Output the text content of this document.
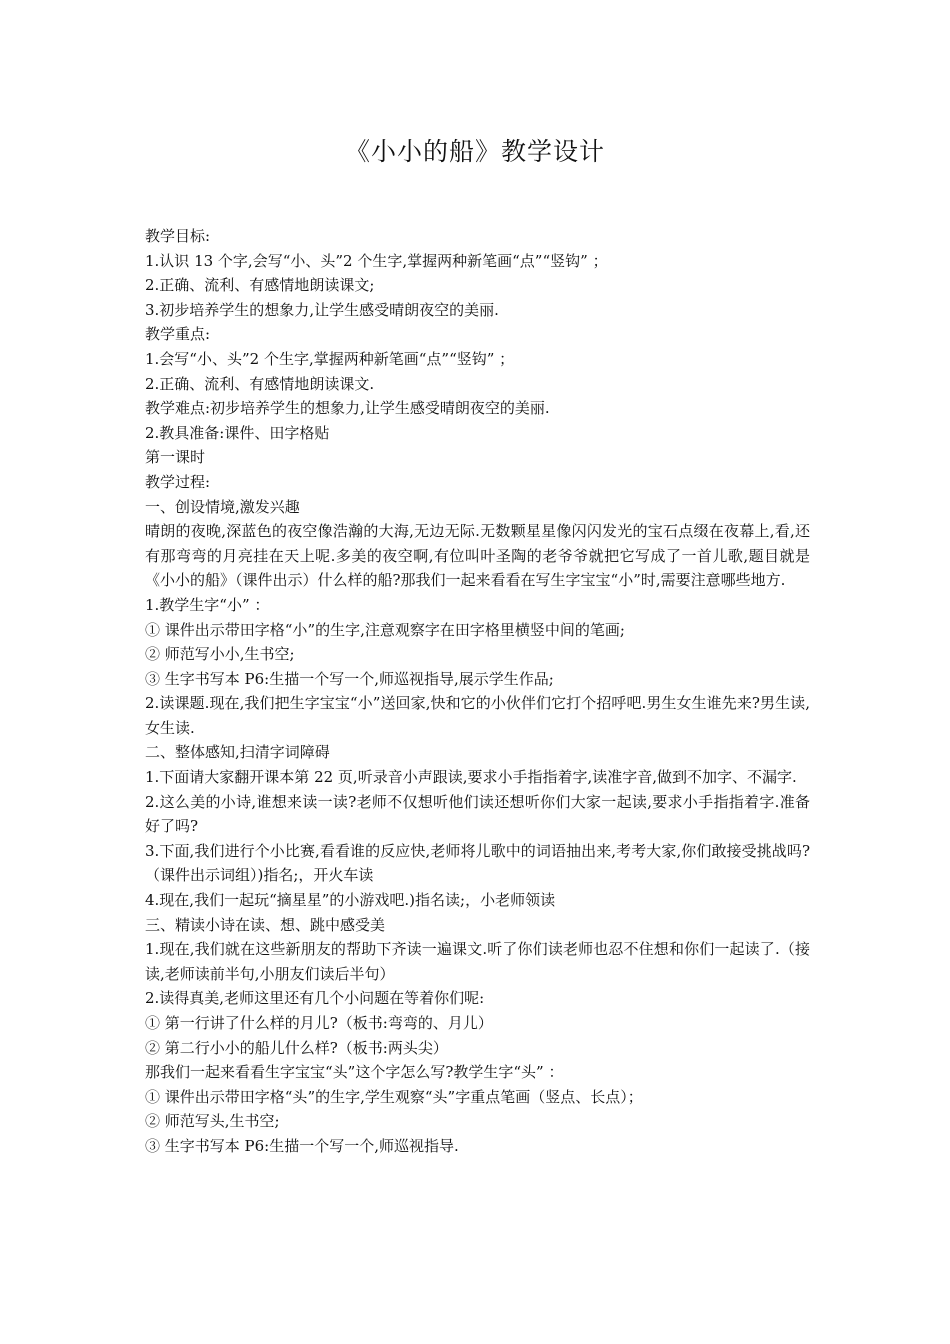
《小小的船》教学设计

教学目标:

1.认识 13 个字,会写“小、头”2 个生字,掌握两种新笔画“点”“竖钩” ；

2.正确、流利、有感情地朗读课文;

3.初步培养学生的想象力,让学生感受晴朗夜空的美丽.

教学重点:

1.会写“小、头”2 个生字,掌握两种新笔画“点”“竖钩” ；

2.正确、流利、有感情地朗读课文.

教学难点:初步培养学生的想象力,让学生感受晴朗夜空的美丽.

2.教具准备:课件、田字格贴

第一课时

教学过程:

一、创设情境,激发兴趣

晴朗的夜晚,深蓝色的夜空像浩瀚的大海,无边无际.无数颗星星像闪闪发光的宝石点缀在夜幕上,看,还有那弯弯的月亮挂在天上呢.多美的夜空啊,有位叫叶圣陶的老爷爷就把它写成了一首儿歌,题目就是《小小的船》（课件出示）什么样的船?那我们一起来看看在写生字宝宝“小”时,需要注意哪些地方.

1.教学生字“小” ：

① 课件出示带田字格“小”的生字,注意观察字在田字格里横竖中间的笔画;

② 师范写小小,生书空;

③ 生字书写本 P6:生描一个写一个,师巡视指导,展示学生作品;

2.读课题.现在,我们把生字宝宝“小”送回家,快和它的小伙伴们它打个招呼吧.男生女生谁先来?男生读,女生读.

二、整体感知,扫清字词障碍

1.下面请大家翻开课本第 22 页,听录音小声跟读,要求小手指指着字,读准字音,做到不加字、不漏字.

2.这么美的小诗,谁想来读一读?老师不仅想听他们读还想听你们大家一起读,要求小手指指着字.准备好了吗?

3.下面,我们进行个小比赛,看看谁的反应快,老师将儿歌中的词语抽出来,考考大家,你们敢接受挑战吗?（课件出示词组）)指名;，开火车读

4.现在,我们一起玩“摘星星”的小游戏吧.)指名读;，小老师领读

三、精读小诗在读、想、跳中感受美

1.现在,我们就在这些新朋友的帮助下齐读一遍课文.听了你们读老师也忍不住想和你们一起读了.（接读,老师读前半句,小朋友们读后半句）

2.读得真美,老师这里还有几个小问题在等着你们呢:

① 第一行讲了什么样的月儿?（板书:弯弯的、月儿）

② 第二行小小的船儿什么样?（板书:两头尖）

那我们一起来看看生字宝宝“头”这个字怎么写?教学生字“头” ：

① 课件出示带田字格“头”的生字,学生观察“头”字重点笔画（竖点、长点）；

② 师范写头,生书空;

③ 生字书写本 P6:生描一个写一个,师巡视指导.
